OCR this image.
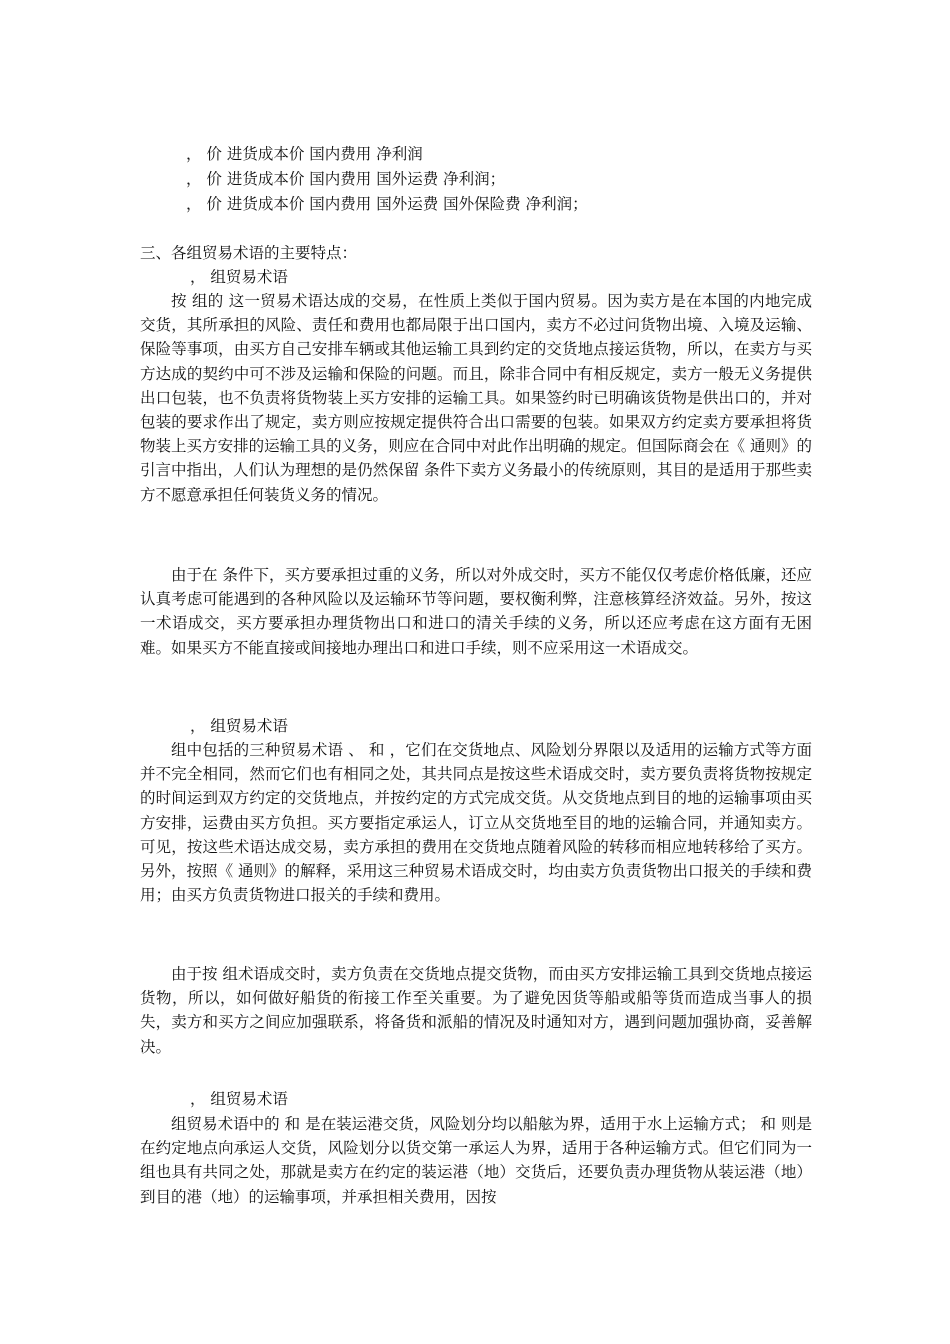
， 价 进货成本价 国内费用 净利润
， 价 进货成本价 国内费用 国外运费 净利润；
， 价 进货成本价 国内费用 国外运费 国外保险费 净利润；
三、各组贸易术语的主要特点：
， 组贸易术语
按 组的 这一贸易术语达成的交易，在性质上类似于国内贸易。因为卖方是在本国的内地完成交货，其所承担的风险、责任和费用也都局限于出口国内，卖方不必过问货物出境、入境及运输、保险等事项，由买方自己安排车辆或其他运输工具到约定的交货地点接运货物，所以，在卖方与买方达成的契约中可不涉及运输和保险的问题。而且，除非合同中有相反规定，卖方一般无义务提供出口包装，也不负责将货物装上买方安排的运输工具。如果签约时已明确该货物是供出口的，并对包装的要求作出了规定，卖方则应按规定提供符合出口需要的包装。如果双方约定卖方要承担将货物装上买方安排的运输工具的义务，则应在合同中对此作出明确的规定。但国际商会在《 通则》的引言中指出，人们认为理想的是仍然保留 条件下卖方义务最小的传统原则，其目的是适用于那些卖方不愿意承担任何装货义务的情况。
由于在 条件下，买方要承担过重的义务，所以对外成交时，买方不能仅仅考虑价格低廉，还应认真考虑可能遇到的各种风险以及运输环节等问题，要权衡利弊，注意核算经济效益。另外，按这一术语成交，买方要承担办理货物出口和进口的清关手续的义务，所以还应考虑在这方面有无困难。如果买方不能直接或间接地办理出口和进口手续，则不应采用这一术语成交。
， 组贸易术语
组中包括的三种贸易术语 、 和 ，它们在交货地点、风险划分界限以及适用的运输方式等方面并不完全相同，然而它们也有相同之处，其共同点是按这些术语成交时，卖方要负责将货物按规定的时间运到双方约定的交货地点，并按约定的方式完成交货。从交货地点到目的地的运输事项由买方安排，运费由买方负担。买方要指定承运人，订立从交货地至目的地的运输合同，并通知卖方。可见，按这些术语达成交易，卖方承担的费用在交货地点随着风险的转移而相应地转移给了买方。另外，按照《 通则》的解释，采用这三种贸易术语成交时，均由卖方负责货物出口报关的手续和费用；由买方负责货物进口报关的手续和费用。
由于按 组术语成交时，卖方负责在交货地点提交货物，而由买方安排运输工具到交货地点接运货物，所以，如何做好船货的衔接工作至关重要。为了避免因货等船或船等货而造成当事人的损失，卖方和买方之间应加强联系，将备货和派船的情况及时通知对方，遇到问题加强协商，妥善解决。
， 组贸易术语
组贸易术语中的 和 是在装运港交货，风险划分均以船舷为界，适用于水上运输方式； 和 则是在约定地点向承运人交货，风险划分以货交第一承运人为界，适用于各种运输方式。但它们同为一组也具有共同之处，那就是卖方在约定的装运港（地）交货后，还要负责办理货物从装运港（地）到目的港（地）的运输事项，并承担相关费用，因按
